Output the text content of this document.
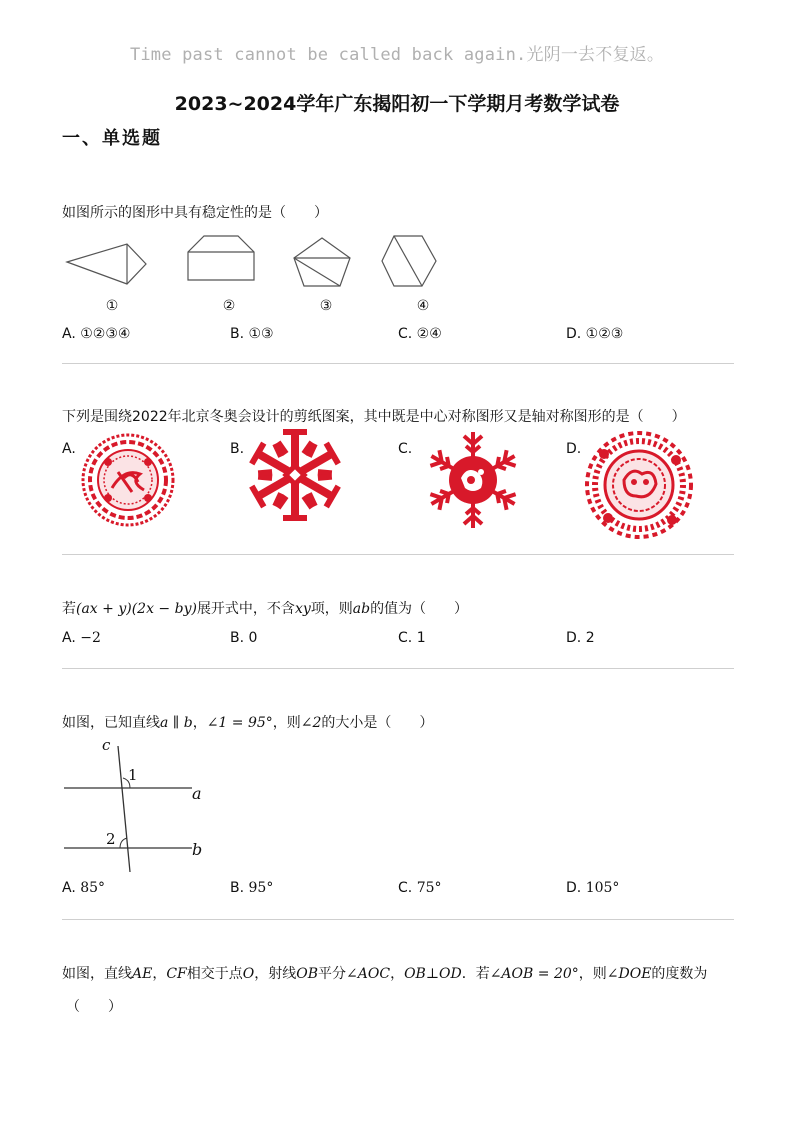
Time past cannot be called back again.光阴一去不复返。
2023~2024学年广东揭阳初一下学期月考数学试卷
一、单选题
如图所示的图形中具有稳定性的是（　　）
①	②	③	④
A. ①②③④	B. ①③	C. ②④	D. ①②③
下列是围绕2022年北京冬奥会设计的剪纸图案，其中既是中心对称图形又是轴对称图形的是（　　）
A.	B.	C.	D.
若(ax + y)(2x − by)展开式中，不含xy项，则ab的值为（　　）
A. −2	B. 0	C. 1	D. 2
如图，已知直线a ∥ b，∠1 = 95°，则∠2的大小是（　　）
c
1
a
2
b
A. 85°	B. 95°	C. 75°	D. 105°
如图，直线AE，CF相交于点O，射线OB平分∠AOC，OB⊥OD．若∠AOB = 20°，则∠DOE的度数为
（　　）
